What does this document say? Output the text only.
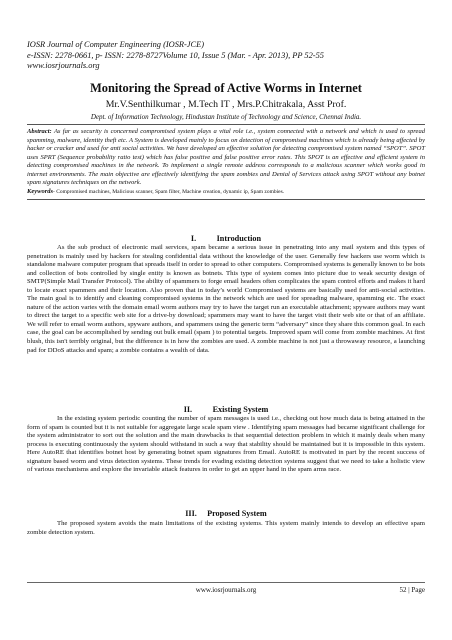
IOSR Journal of Computer Engineering (IOSR-JCE)
e-ISSN: 2278-0661, p- ISSN: 2278-8727Volume 10, Issue 5 (Mar. - Apr. 2013), PP 52-55
www.iosrjournals.org
Monitoring the Spread of Active Worms in Internet
Mr.V.Senthilkumar , M.Tech IT , Mrs.P.Chitrakala, Asst Prof.
Dept. of Information Technology, Hindustan Institute of Technology and Science, Chennai India.

Abstract: As far as security is concerned compromised system plays a vital role i.e., system connected with a network and which is used to spread spamming, malware, identity theft etc. A System is developed mainly to focus on detection of compromised machines which is already being affected by hacker or cracker and used for anti social activities. We have developed an effective solution for detecting compromised system named “SPOT”. SPOT uses SPRT (Sequence probability ratio test) which has false positive and false positive error rates. This SPOT is an effective and efficient system in detecting compromised machines in the network. To implement a single remote address corresponds to a malicious scanner which works good in internet environments. The main objective are effectively identifying the spam zombies and Denial of Services attack using SPOT without any botnet spam signatures techniques on the network.

Keywords- Compromised machines, Malicious scanner, Spam filter, Machine creation, dynamic ip, Spam zombies.

I.          Introduction

As the sub product of electronic mail services, spam became a serious issue in penetrating into any mail system and this types of penetration is mainly used by hackers for stealing confidential data without the knowledge of the user. Generally few hackers use worm which is standalone malware computer program that spreads itself in order to spread to other computers. Compromised systems is generally known to be bots and collection of bots controlled by single entity is known as botnets. This type of system comes into picture due to weak security design of SMTP(Simple Mail Transfer Protocol). The ability of spammers to forge email headers often complicates the spam control efforts and makes it hard to locate exact spammers and their location. Also proven that in today’s world Compromised systems are basically used for anti-social activities. The main goal is to identify and cleaning compromised systems in the network which are used for spreading malware, spamming etc. The exact nature of the action varies with the domain email worm authors may try to have the target run an executable attachment; spyware authors may want to direct the target to a specific web site for a drive-by download; spammers may want to have the target visit their web site or that of an affiliate. We will refer to email worm authors, spyware authors, and spammers using the generic term “adversary” since they share this common goal. In each case, the goal can be accomplished by sending out bulk email (spam ) to potential targets. Improved spam will come from zombie machines. At first blush, this isn't terribly original, but the difference is in how the zombies are used. A zombie machine is not just a throwaway resource, a launching pad for DDoS attacks and spam; a zombie contains a wealth of data.

II.          Existing System

In the existing system periodic counting the number of spam messages is used i.e., checking out how much data is being attained in the form of spam is counted but it is not suitable for aggregate large scale spam view . Identifying spam messages had became significant challenge for the system administrator to sort out the solution and the main drawbacks is that sequential detection problem in which it mainly deals when many process is executing continuously the system should withstand in such a way that stability should be maintained but it is impossible in this system. Here AutoRE that identifies botnet host by generating botnet spam signatures from Email. AutoRE is motivated in part by the recent success of signature based worm and virus detection systems. These trends for evading existing detection systems suggest that we need to take a holistic view of various mechanisms and explore the invariable attack features in order to get an upper hand in the spam arms race.

III.     Proposed System

The proposed system avoids the main limitations of the existing systems. This system mainly intends to develop an effective spam zombie detection system.

www.iosrjournals.org	52 | Page
